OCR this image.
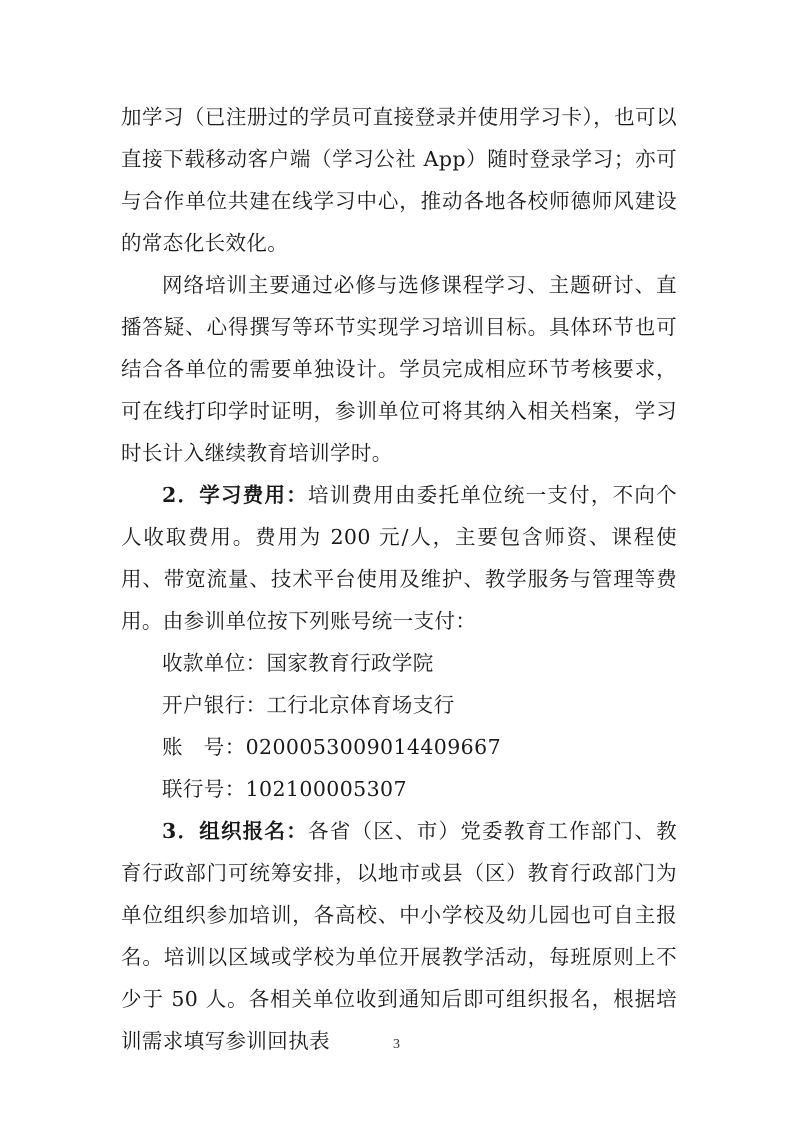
加学习（已注册过的学员可直接登录并使用学习卡），也可以直接下载移动客户端（学习公社 App）随时登录学习；亦可与合作单位共建在线学习中心，推动各地各校师德师风建设的常态化长效化。

网络培训主要通过必修与选修课程学习、主题研讨、直播答疑、心得撰写等环节实现学习培训目标。具体环节也可结合各单位的需要单独设计。学员完成相应环节考核要求，可在线打印学时证明，参训单位可将其纳入相关档案，学习时长计入继续教育培训学时。

2．学习费用：培训费用由委托单位统一支付，不向个人收取费用。费用为 200 元/人，主要包含师资、课程使用、带宽流量、技术平台使用及维护、教学服务与管理等费用。由参训单位按下列账号统一支付：

收款单位：国家教育行政学院

开户银行：工行北京体育场支行

账　号：0200053009014409667

联行号：102100005307

3．组织报名：各省（区、市）党委教育工作部门、教育行政部门可统筹安排，以地市或县（区）教育行政部门为单位组织参加培训，各高校、中小学校及幼儿园也可自主报名。培训以区域或学校为单位开展教学活动，每班原则上不少于 50 人。各相关单位收到通知后即可组织报名，根据培训需求填写参训回执表	3
